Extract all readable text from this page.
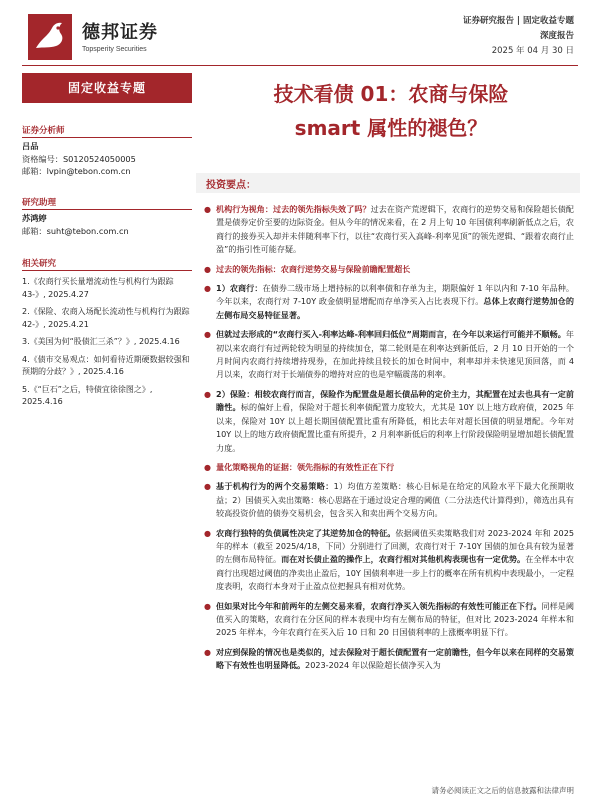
德邦证券
Topsperity Securities
证券研究报告 | 固定收益专题
深度报告
2025 年 04 月 30 日
固定收益专题
证券分析师
吕品
资格编号：S0120524050005
邮箱：lvpin@tebon.com.cn
研究助理
苏鸿婷
邮箱：suht@tebon.com.cn
相关研究
1.《农商行买长量增流动性与机构行为跟踪 43-》, 2025.4.27
2.《保险、农商入场配长流动性与机构行为跟踪 42-》, 2025.4.21
3.《美国为何“股债汇三杀”？》, 2025.4.16
4.《债市交易观点：如何看待近期硬数据较强和预期的分歧？》, 2025.4.16
5.《“巨石”之后，特债宜徐徐图之》, 2025.4.16
技术看债 01：农商与保险
smart 属性的褪色？
投资要点：
● 机构行为视角：过去的领先指标失效了吗？过去在资产荒逻辑下，农商行的逆势交易和保险超长债配置是债券定价至要的边际资金。但从今年的情况来看，在 2 月上旬 10 年国债利率刷新低点之后，农商行的接券买入却并未伴随利率下行，以往“农商行买入高峰-利率见顶”的领先逻辑、“跟着农商行止盈”的指引性可能存疑。
● 过去的领先指标：农商行逆势交易与保险前瞻配置超长
● 1）农商行：在债券二级市场上增持标的以利率债和存单为主，期限偏好 1 年以内和 7-10 年品种。今年以来，农商行对 7-10Y 政金债明显增配而存单净买入占比表现下行。总体上农商行逆势加仓的左侧布局交易特征显著。
● 但就过去形成的“农商行买入-利率达峰-利率回归低位”周期而言，在今年以来运行可能并不顺畅。年初以来农商行有过两轮较为明显的持续加仓，第二轮则是在利率达到新低后，2 月 10 日开始的一个月时间内农商行持续增持现券，在加此持续且较长的加仓时间中，利率却并未快速见顶回落，而 4 月以来，农商行对于长端债券的增持对应的也是窄幅震荡的利率。
● 2）保险：相较农商行而言，保险作为配置盘是超长债品种的定价主力，其配置在过去也具有一定前瞻性。标的偏好上看，保险对于超长利率债配置力度较大，尤其是 10Y 以上地方政府债，2025 年以来，保险对 10Y 以上超长期国债配置比重有所降低，相比去年对超长国债的明显增配。今年对 10Y 以上的地方政府债配置比重有所提升，2 月利率新低后的利率上行阶段保险明显增加超长债配置力度。
● 量化策略视角的证据：领先指标的有效性正在下行
● 基于机构行为的两个交易策略：1）均值方差策略：核心目标是在给定的风险水平下最大化预期收益；2）国债买入卖出策略：核心思路在于通过设定合理的阈值（二分法迭代计算得到），筛选出具有较高投资价值的债券交易机会，包含买入和卖出两个交易方向。
● 农商行独特的负债属性决定了其逆势加仓的特征。依据阈值买卖策略我们对 2023-2024 年和 2025 年的样本（截至 2025/4/18，下同）分别进行了回测，农商行对于 7-10Y 国债的加仓具有较为显著的左侧布局特征。而在对长债止盈的操作上，农商行相对其他机构表现也有一定优势。在全样本中农商行出现超过阈值的净卖出止盈后，10Y 国债利率进一步上行的概率在所有机构中表现最小，一定程度表明，农商行本身对于止盈点位把握具有相对优势。
● 但如果对比今年和前两年的左侧交易来看，农商行净买入领先指标的有效性可能正在下行。同样是阈值买入的策略，农商行在分区间的样本表现中均有左侧布局的特征，但对比 2023-2024 年样本和 2025 年样本，今年农商行在买入后 10 日和 20 日国债利率的上涨概率明显下行。
● 对应到保险的情况也是类似的，过去保险对于超长债配置有一定前瞻性，但今年以来在同样的交易策略下有效性也明显降低。2023-2024 年以保险超长债净买入为
请务必阅读正文之后的信息披露和法律声明
